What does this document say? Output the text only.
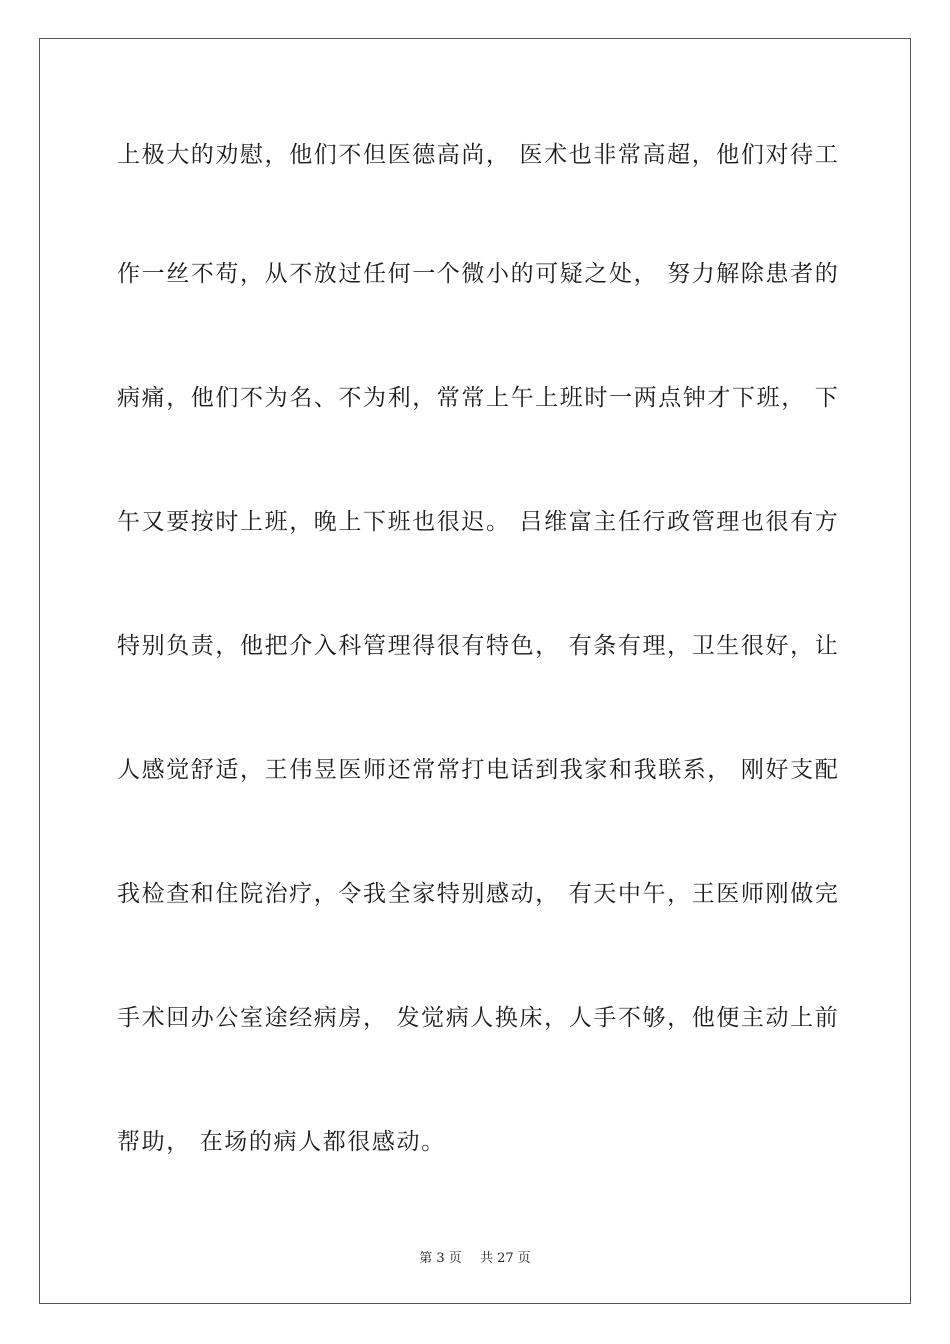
上极大的劝慰，他们不但医德高尚， 医术也非常高超，他们对待工
作一丝不苟，从不放过任何一个微小的可疑之处， 努力解除患者的
病痛，他们不为名、不为利，常常上午上班时一两点钟才下班， 下
午又要按时上班，晚上下班也很迟。 吕维富主任行政管理也很有方
特别负责，他把介入科管理得很有特色， 有条有理，卫生很好，让
人感觉舒适，王伟昱医师还常常打电话到我家和我联系， 刚好支配
我检查和住院治疗，令我全家特别感动， 有天中午，王医师刚做完
手术回办公室途经病房， 发觉病人换床，人手不够，他便主动上前
帮助， 在场的病人都很感动。
第 3 页 共 27 页
